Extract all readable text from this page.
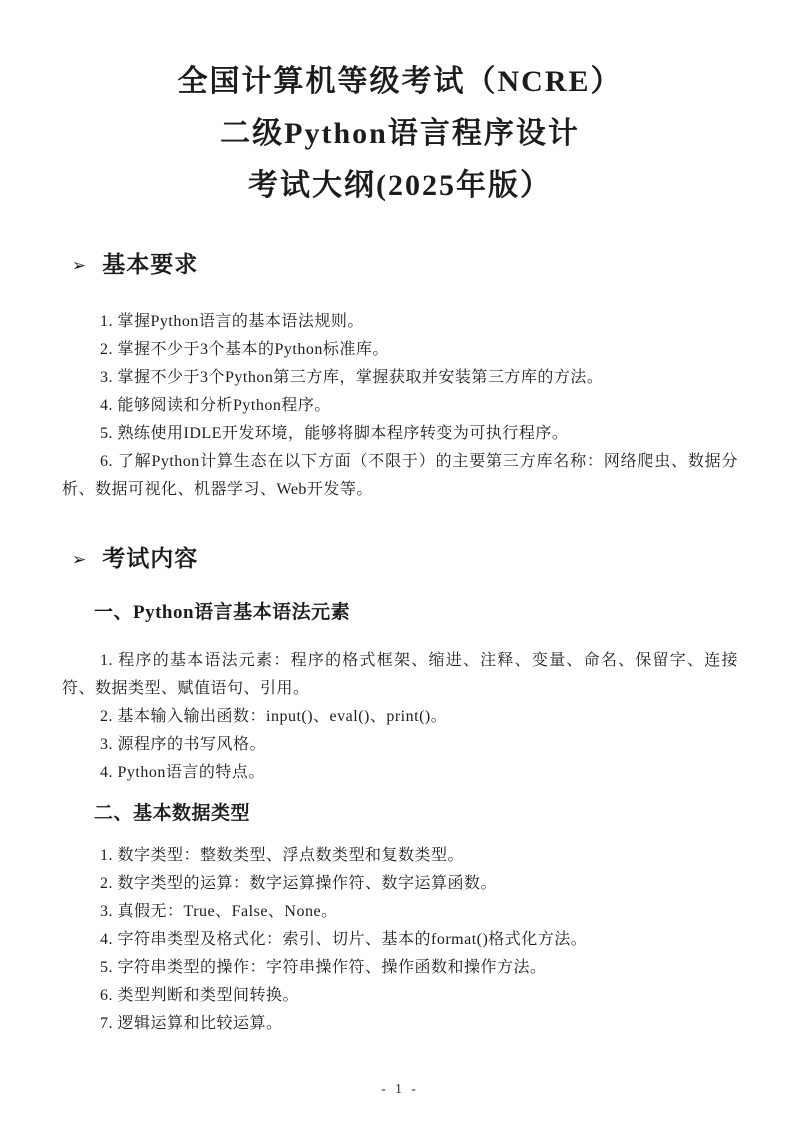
全国计算机等级考试（NCRE）

二级Python语言程序设计

考试大纲(2025年版）

➢ 基本要求

1. 掌握Python语言的基本语法规则。

2. 掌握不少于3个基本的Python标准库。

3. 掌握不少于3个Python第三方库，掌握获取并安装第三方库的方法。

4. 能够阅读和分析Python程序。

5. 熟练使用IDLE开发环境，能够将脚本程序转变为可执行程序。

6. 了解Python计算生态在以下方面（不限于）的主要第三方库名称：网络爬虫、数据分析、数据可视化、机器学习、Web开发等。

➢ 考试内容
一、Python语言基本语法元素

1. 程序的基本语法元素：程序的格式框架、缩进、注释、变量、命名、保留字、连接符、数据类型、赋值语句、引用。

2. 基本输入输出函数：input()、eval()、print()。

3. 源程序的书写风格。

4. Python语言的特点。

二、基本数据类型

1. 数字类型：整数类型、浮点数类型和复数类型。

2. 数字类型的运算：数字运算操作符、数字运算函数。

3. 真假无：True、False、None。

4. 字符串类型及格式化：索引、切片、基本的format()格式化方法。

5. 字符串类型的操作：字符串操作符、操作函数和操作方法。

6. 类型判断和类型间转换。

7. 逻辑运算和比较运算。

- 1 -
